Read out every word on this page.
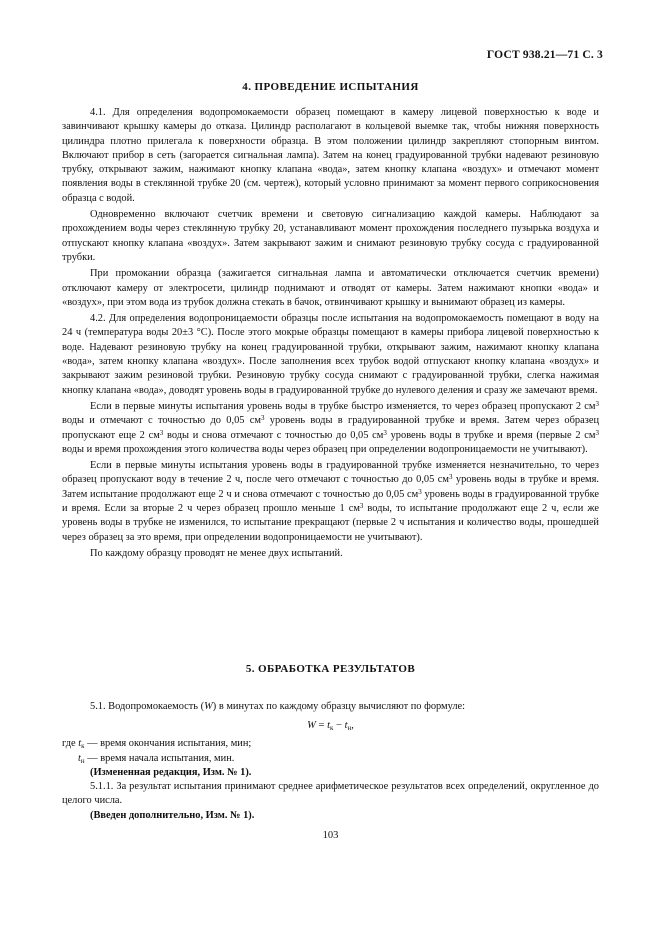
ГОСТ 938.21—71 С. 3
4. ПРОВЕДЕНИЕ ИСПЫТАНИЯ

4.1. Для определения водопромокаемости образец помещают в камеру лицевой поверхностью к воде и завинчивают крышку камеры до отказа. Цилиндр располагают в кольцевой выемке так, чтобы нижняя поверхность цилиндра плотно прилегала к поверхности образца. В этом положении цилиндр закрепляют стопорным винтом. Включают прибор в сеть (загорается сигнальная лампа). Затем на конец градуированной трубки надевают резиновую трубку, открывают зажим, нажимают кнопку клапана «вода», затем кнопку клапана «воздух» и отмечают момент появления воды в стеклянной трубке 20 (см. чертеж), который условно принимают за момент первого соприкосновения образца с водой.

Одновременно включают счетчик времени и световую сигнализацию каждой камеры. Наблюдают за прохождением воды через стеклянную трубку 20, устанавливают момент прохождения последнего пузырька воздуха и отпускают кнопку клапана «воздух». Затем закрывают зажим и снимают резиновую трубку сосуда с градуированной трубки.

При промокании образца (зажигается сигнальная лампа и автоматически отключается счетчик времени) отключают камеру от электросети, цилиндр поднимают и отводят от камеры. Затем нажимают кнопки «вода» и «воздух», при этом вода из трубок должна стекать в бачок, отвинчивают крышку и вынимают образец из камеры.

4.2. Для определения водопроницаемости образцы после испытания на водопромокаемость помещают в воду на 24 ч (температура воды 20±3 °С). После этого мокрые образцы помещают в камеры прибора лицевой поверхностью к воде. Надевают резиновую трубку на конец градуированной трубки, открывают зажим, нажимают кнопку клапана «вода», затем кнопку клапана «воздух». После заполнения всех трубок водой отпускают кнопку клапана «воздух» и закрывают зажим резиновой трубки. Резиновую трубку сосуда снимают с градуированной трубки, слегка нажимая кнопку клапана «вода», доводят уровень воды в градуированной трубке до нулевого деления и сразу же замечают время.

Если в первые минуты испытания уровень воды в трубке быстро изменяется, то через образец пропускают 2 $см^3$ воды и отмечают с точностью до 0,05 $см^3$ уровень воды в градуированной трубке и время. Затем через образец пропускают еще 2 $см^3$ воды и снова отмечают с точностью до 0,05 $см^3$ уровень воды в трубке и время (первые 2 $см^3$ воды и время прохождения этого количества воды через образец при определении водопроницаемости не учитывают).

Если в первые минуты испытания уровень воды в градуированной трубке изменяется незначительно, то через образец пропускают воду в течение 2 ч, после чего отмечают с точностью до 0,05 $см^3$ уровень воды в трубке и время. Затем испытание продолжают еще 2 ч и снова отмечают с точностью до 0,05 $см^3$ уровень воды в градуированной трубке и время. Если за вторые 2 ч через образец прошло меньше 1 $см^3$ воды, то испытание продолжают еще 2 ч, если же уровень воды в трубке не изменился, то испытание прекращают (первые 2 ч испытания и количество воды, прошедшей через образец за это время, при определении водопроницаемости не учитывают).

По каждому образцу проводят не менее двух испытаний.

5. ОБРАБОТКА РЕЗУЛЬТАТОВ

5.1. Водопромокаемость (W) в минутах по каждому образцу вычисляют по формуле:

$W = t_к - t_н$,
где $t_к$ — время окончания испытания, мин;
$t_н$ — время начала испытания, мин.
(Измененная редакция, Изм. № 1).

5.1.1. За результат испытания принимают среднее арифметическое результатов всех определений, округленное до целого числа.

(Введен дополнительно, Изм. № 1).
103
